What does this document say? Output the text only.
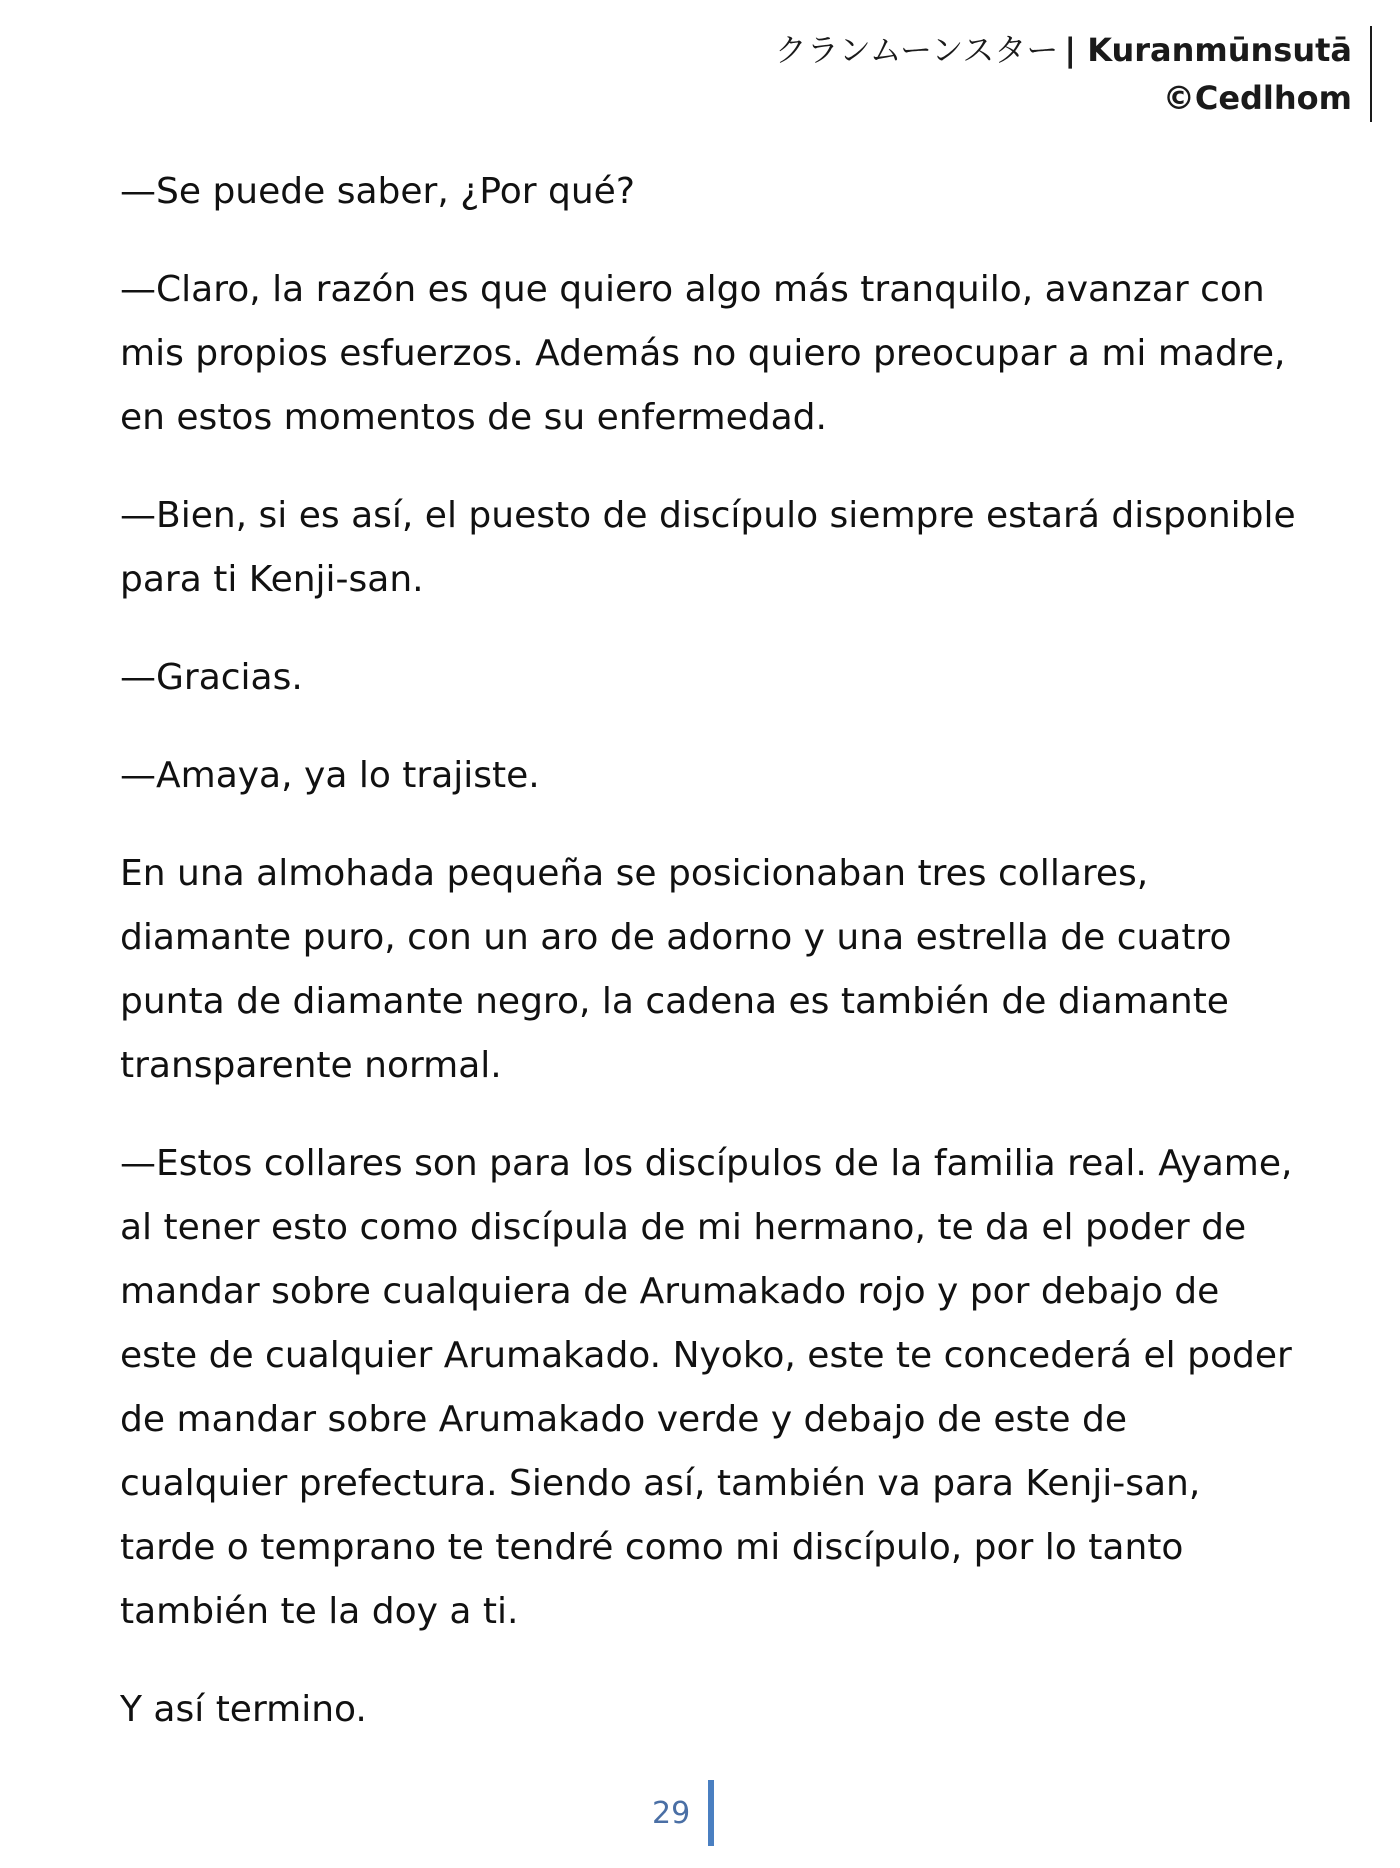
クランムーンスター | Kuranmūnsutā
©Cedlhom

—Se puede saber, ¿Por qué?

—Claro, la razón es que quiero algo más tranquilo, avanzar con mis propios esfuerzos. Además no quiero preocupar a mi madre, en estos momentos de su enfermedad.

—Bien, si es así, el puesto de discípulo siempre estará disponible para ti Kenji-san.

—Gracias.

—Amaya, ya lo trajiste.

En una almohada pequeña se posicionaban tres collares, diamante puro, con un aro de adorno y una estrella de cuatro punta de diamante negro, la cadena es también de diamante transparente normal.

—Estos collares son para los discípulos de la familia real. Ayame, al tener esto como discípula de mi hermano, te da el poder de mandar sobre cualquiera de Arumakado rojo y por debajo de este de cualquier Arumakado. Nyoko, este te concederá el poder de mandar sobre Arumakado verde y debajo de este de cualquier prefectura. Siendo así, también va para Kenji-san, tarde o temprano te tendré como mi discípulo, por lo tanto también te la doy a ti.

Y así termino.

29
